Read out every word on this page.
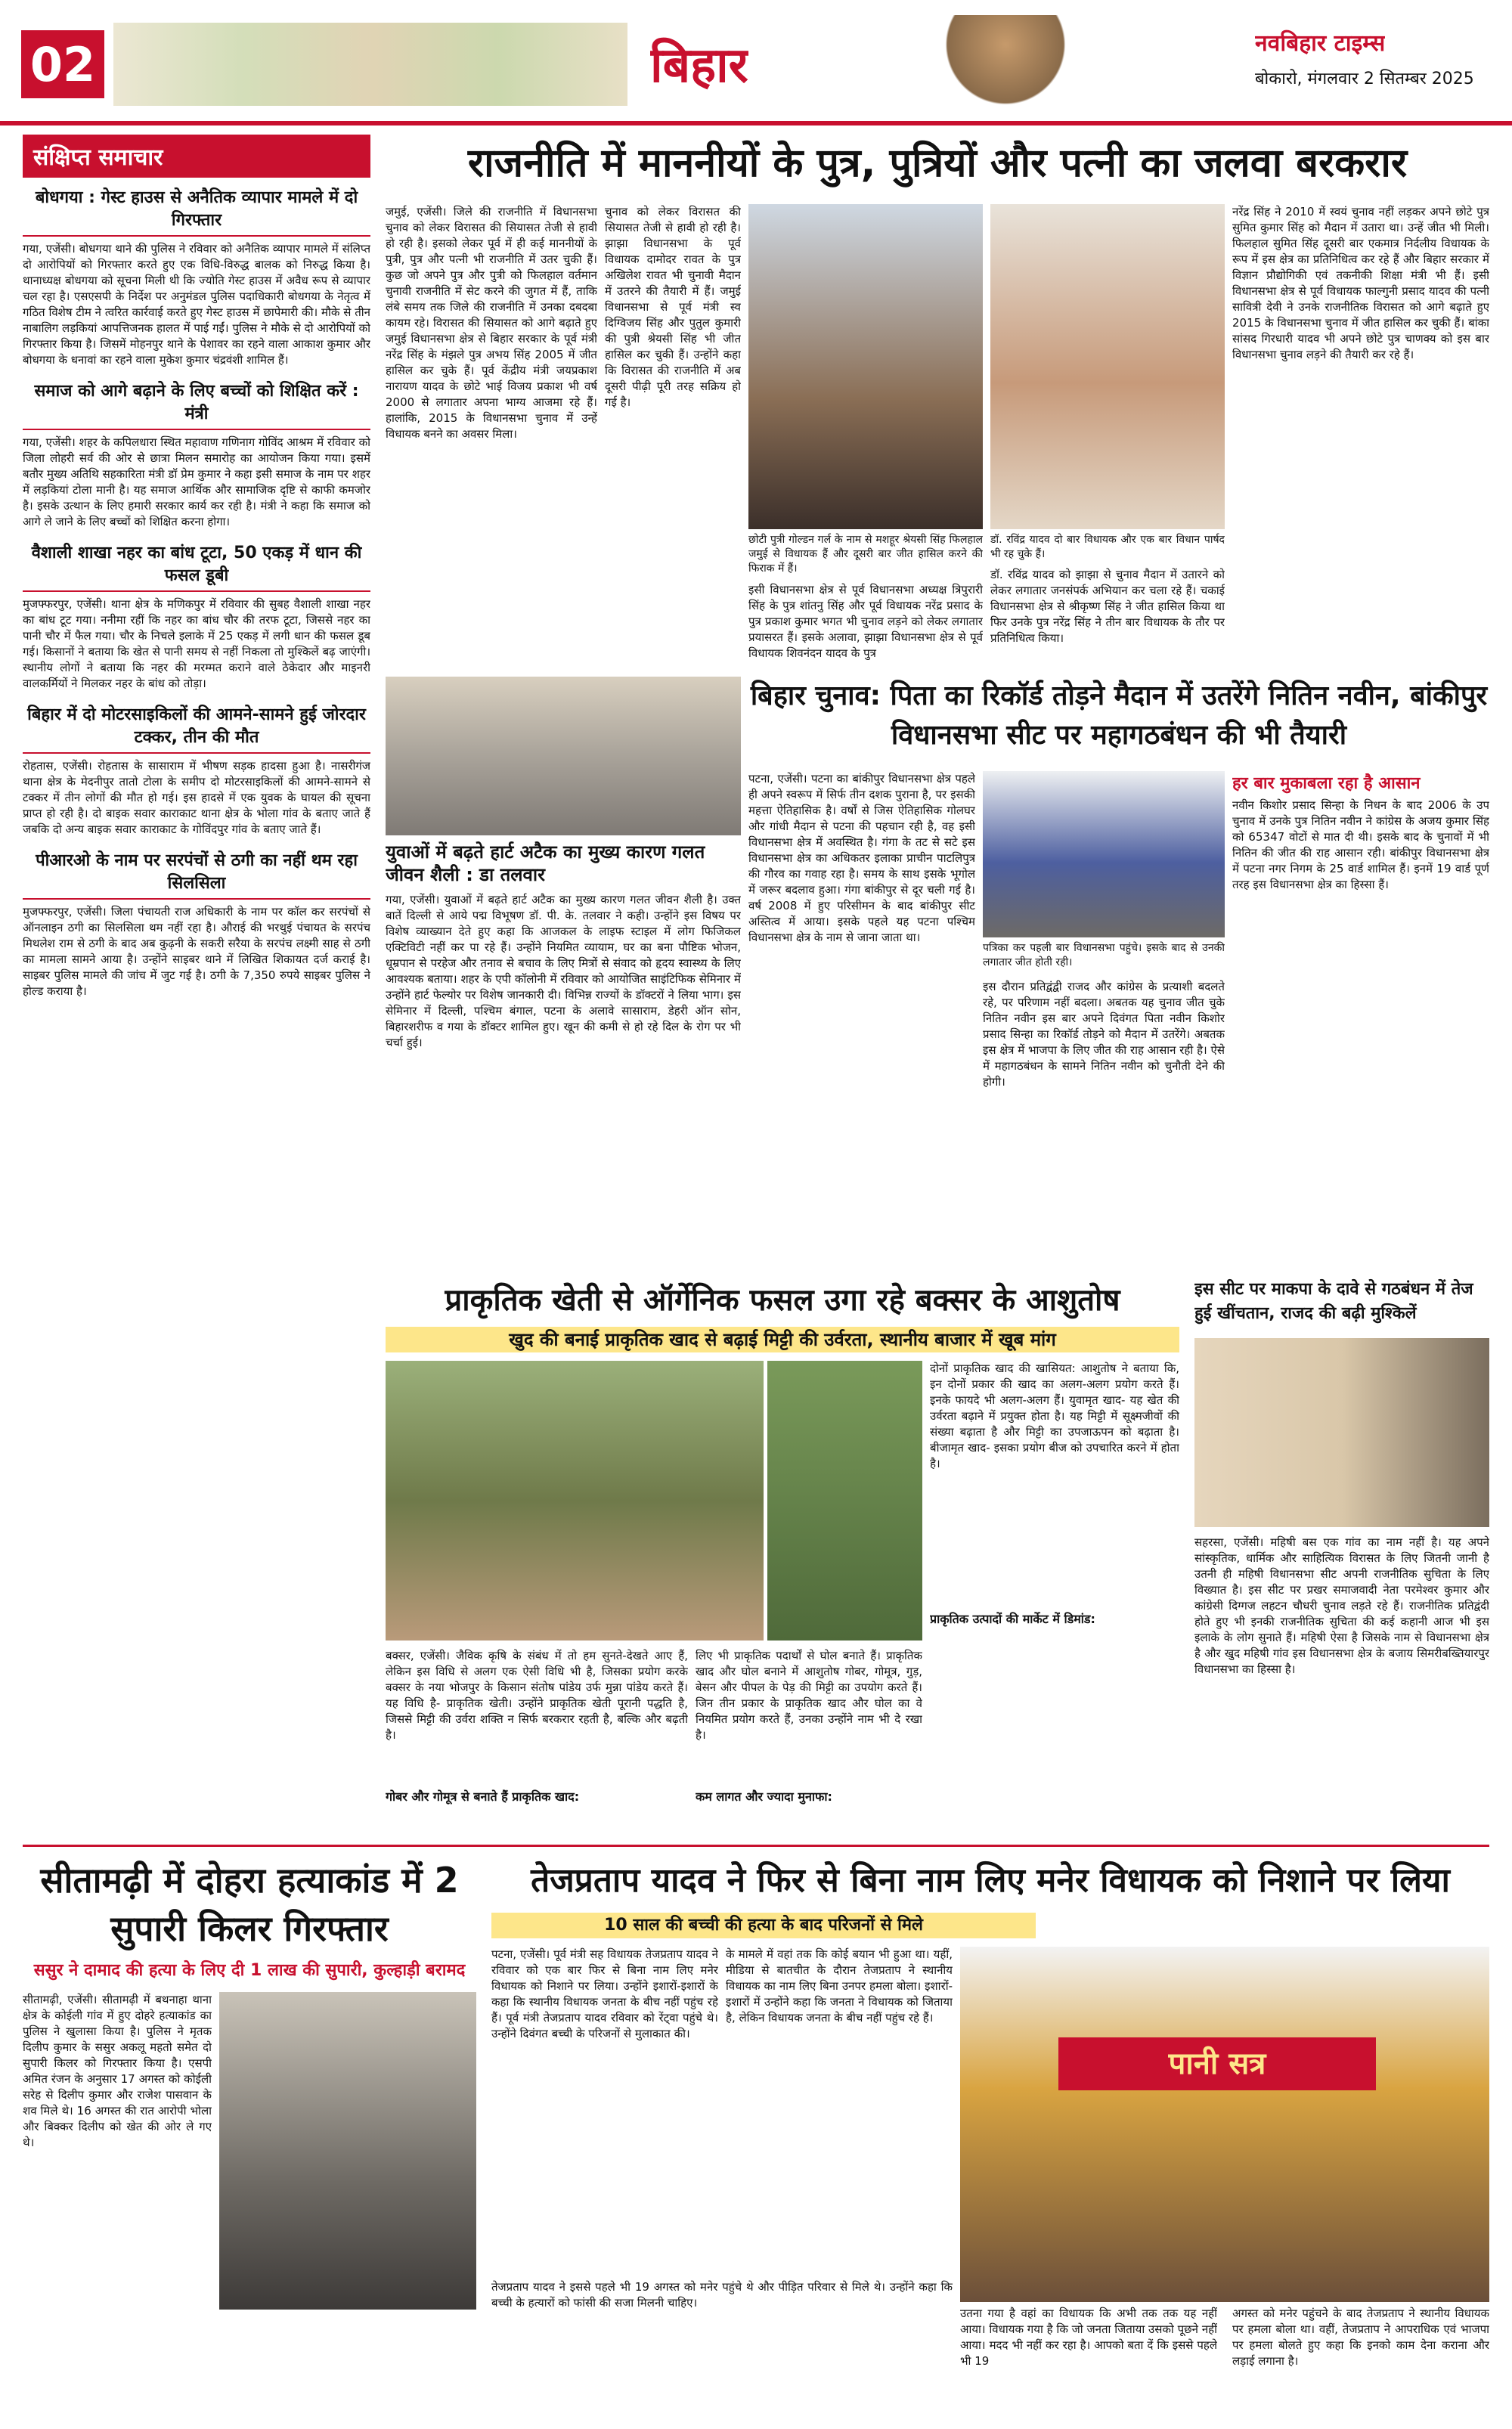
02	बिहार	नवबिहार टाइम्स
बोकारो, मंगलवार 2 सितम्बर 2025
संक्षिप्त समाचार
बोधगया : गेस्ट हाउस से अनैतिक व्यापार मामले में दो गिरफ्तार
गया, एजेंसी। बोधगया थाने की पुलिस ने रविवार को अनैतिक व्यापार मामले में संलिप्त दो आरोपियों को गिरफ्तार करते हुए एक विधि-विरुद्ध बालक को निरुद्ध किया है। थानाध्यक्ष बोधगया को सूचना मिली थी कि ज्योति गेस्ट हाउस में अवैध रूप से व्यापार चल रहा है। एसएसपी के निर्देश पर अनुमंडल पुलिस पदाधिकारी बोधगया के नेतृत्व में गठित विशेष टीम ने त्वरित कार्रवाई करते हुए गेस्ट हाउस में छापेमारी की। मौके से तीन नाबालिग लड़कियां आपत्तिजनक हालत में पाई गईं। पुलिस ने मौके से दो आरोपियों को गिरफ्तार किया है। जिसमें मोहनपुर थाने के पेशावर का रहने वाला आकाश कुमार और बोधगया के धनावां का रहने वाला मुकेश कुमार चंद्रवंशी शामिल हैं।
समाज को आगे बढ़ाने के लिए बच्चों को शिक्षित करें : मंत्री
गया, एजेंसी। शहर के कपिलधारा स्थित महावाण गणिनाग गोविंद आश्रम में रविवार को जिला लोहरी सर्व की ओर से छात्रा मिलन समारोह का आयोजन किया गया। इसमें बतौर मुख्य अतिथि सहकारिता मंत्री डॉ प्रेम कुमार ने कहा इसी समाज के नाम पर शहर में लड़कियां टोला मानी है। यह समाज आर्थिक और सामाजिक दृष्टि से काफी कमजोर है। इसके उत्थान के लिए हमारी सरकार कार्य कर रही है। मंत्री ने कहा कि समाज को आगे ले जाने के लिए बच्चों को शिक्षित करना होगा।
वैशाली शाखा नहर का बांध टूटा, 50 एकड़ में धान की फसल डूबी
मुजफ्फरपुर, एजेंसी। थाना क्षेत्र के मणिकपुर में रविवार की सुबह वैशाली शाखा नहर का बांध टूट गया। ननीमा रहीं कि नहर का बांध चौर की तरफ टूटा, जिससे नहर का पानी चौर में फैल गया। चौर के निचले इलाके में 25 एकड़ में लगी धान की फसल डूब गई। किसानों ने बताया कि खेत से पानी समय से नहीं निकला तो मुश्किलें बढ़ जाएंगी। स्थानीय लोगों ने बताया कि नहर की मरम्मत कराने वाले ठेकेदार और माइनरी वालकर्मियों ने मिलकर नहर के बांध को तोड़ा।
बिहार में दो मोटरसाइकिलों की आमने-सामने हुई जोरदार टक्कर, तीन की मौत
रोहतास, एजेंसी। रोहतास के सासाराम में भीषण सड़क हादसा हुआ है। नासरीगंज थाना क्षेत्र के मेदनीपुर तातो टोला के समीप दो मोटरसाइकिलों की आमने-सामने से टक्कर में तीन लोगों की मौत हो गई। इस हादसे में एक युवक के घायल की सूचना प्राप्त हो रही है। दो बाइक सवार काराकाट थाना क्षेत्र के भोला गांव के बताए जाते हैं जबकि दो अन्य बाइक सवार काराकाट के गोविंदपुर गांव के बताए जाते हैं।
पीआरओ के नाम पर सरपंचों से ठगी का नहीं थम रहा सिलसिला
मुजफ्फरपुर, एजेंसी। जिला पंचायती राज अधिकारी के नाम पर कॉल कर सरपंचों से ऑनलाइन ठगी का सिलसिला थम नहीं रहा है। औराई की भरथुई पंचायत के सरपंच मिथलेश राम से ठगी के बाद अब कुढ़नी के सकरी सरैया के सरपंच लक्ष्मी साह से ठगी का मामला सामने आया है। उन्होंने साइबर थाने में लिखित शिकायत दर्ज कराई है। साइबर पुलिस मामले की जांच में जुट गई है। ठगी के 7,350 रुपये साइबर पुलिस ने होल्ड कराया है।
राजनीति में माननीयों के पुत्र, पुत्रियों और पत्नी का जलवा बरकरार
जमुई, एजेंसी। जिले की राजनीति में विधानसभा चुनाव को लेकर विरासत की सियासत तेजी से हावी हो रही है। इसको लेकर पूर्व में ही कई माननीयों के पुत्री, पुत्र और पत्नी भी राजनीति में उतर चुकी हैं। कुछ जो अपने पुत्र और पुत्री को फिलहाल वर्तमान चुनावी राजनीति में सेट करने की जुगत में हैं, ताकि लंबे समय तक जिले की राजनीति में उनका दबदबा कायम रहे। विरासत की सियासत को आगे बढ़ाते हुए जमुई विधानसभा क्षेत्र से बिहार सरकार के पूर्व मंत्री नरेंद्र सिंह के मंझले पुत्र अभय सिंह 2005 में जीत हासिल कर चुके हैं। पूर्व केंद्रीय मंत्री जयप्रकाश नारायण यादव के छोटे भाई विजय प्रकाश भी वर्ष 2000 से लगातार अपना भाग्य आजमा रहे हैं। हालांकि, 2015 के विधानसभा चुनाव में उन्हें विधायक बनने का अवसर मिला।
चुनाव को लेकर विरासत की सियासत तेजी से हावी हो रही है। झाझा विधानसभा के पूर्व विधायक दामोदर रावत के पुत्र अखिलेश रावत भी चुनावी मैदान में उतरने की तैयारी में हैं। जमुई विधानसभा से पूर्व मंत्री स्व दिग्विजय सिंह और पुतुल कुमारी की पुत्री श्रेयसी सिंह भी जीत हासिल कर चुकी हैं। उन्होंने कहा कि विरासत की राजनीति में अब दूसरी पीढ़ी पूरी तरह सक्रिय हो गई है।
छोटी पुत्री गोल्डन गर्ल के नाम से मशहूर श्रेयसी सिंह फिलहाल जमुई से विधायक हैं और दूसरी बार जीत हासिल करने की फिराक में हैं।
डॉ. रविंद्र यादव दो बार विधायक और एक बार विधान पार्षद भी रह चुके हैं।
इसी विधानसभा क्षेत्र से पूर्व विधानसभा अध्यक्ष त्रिपुरारी सिंह के पुत्र शांतनु सिंह और पूर्व विधायक नरेंद्र प्रसाद के पुत्र प्रकाश कुमार भगत भी चुनाव लड़ने को लेकर लगातार प्रयासरत हैं। इसके अलावा, झाझा विधानसभा क्षेत्र से पूर्व विधायक शिवनंदन यादव के पुत्र
डॉ. रविंद्र यादव को झाझा से चुनाव मैदान में उतारने को लेकर लगातार जनसंपर्क अभियान कर चला रहे हैं। चकाई विधानसभा क्षेत्र से श्रीकृष्ण सिंह ने जीत हासिल किया था फिर उनके पुत्र नरेंद्र सिंह ने तीन बार विधायक के तौर पर प्रतिनिधित्व किया।
नरेंद्र सिंह ने 2010 में स्वयं चुनाव नहीं लड़कर अपने छोटे पुत्र सुमित कुमार सिंह को मैदान में उतारा था। उन्हें जीत भी मिली। फिलहाल सुमित सिंह दूसरी बार एकमात्र निर्दलीय विधायक के रूप में इस क्षेत्र का प्रतिनिधित्व कर रहे हैं और बिहार सरकार में विज्ञान प्रौद्योगिकी एवं तकनीकी शिक्षा मंत्री भी हैं। इसी विधानसभा क्षेत्र से पूर्व विधायक फाल्गुनी प्रसाद यादव की पत्नी सावित्री देवी ने उनके राजनीतिक विरासत को आगे बढ़ाते हुए 2015 के विधानसभा चुनाव में जीत हासिल कर चुकी हैं। बांका सांसद गिरधारी यादव भी अपने छोटे पुत्र चाणक्य को इस बार विधानसभा चुनाव लड़ने की तैयारी कर रहे हैं।
युवाओं में बढ़ते हार्ट अटैक का मुख्य कारण गलत जीवन शैली : डा तलवार
गया, एजेंसी। युवाओं में बढ़ते हार्ट अटैक का मुख्य कारण गलत जीवन शैली है। उक्त बातें दिल्ली से आये पद्म विभूषण डॉ. पी. के. तलवार ने कही। उन्होंने इस विषय पर विशेष व्याख्यान देते हुए कहा कि आजकल के लाइफ स्टाइल में लोग फिजिकल एक्टिविटी नहीं कर पा रहे हैं। उन्होंने नियमित व्यायाम, घर का बना पौष्टिक भोजन, धूम्रपान से परहेज और तनाव से बचाव के लिए मित्रों से संवाद को हृदय स्वास्थ्य के लिए आवश्यक बताया। शहर के एपी कॉलोनी में रविवार को आयोजित साइंटिफिक सेमिनार में उन्होंने हार्ट फेल्योर पर विशेष जानकारी दी। विभिन्न राज्यों के डॉक्टरों ने लिया भाग। इस सेमिनार में दिल्ली, पश्चिम बंगाल, पटना के अलावे सासाराम, डेहरी ऑन सोन, बिहारशरीफ व गया के डॉक्टर शामिल हुए। खून की कमी से हो रहे दिल के रोग पर भी चर्चा हुई।
बिहार चुनाव: पिता का रिकॉर्ड तोड़ने मैदान में उतरेंगे नितिन नवीन, बांकीपुर विधानसभा सीट पर महागठबंधन की भी तैयारी
पटना, एजेंसी। पटना का बांकीपुर विधानसभा क्षेत्र पहले ही अपने स्वरूप में सिर्फ तीन दशक पुराना है, पर इसकी महत्ता ऐतिहासिक है। वर्षों से जिस ऐतिहासिक गोलघर और गांधी मैदान से पटना की पहचान रही है, वह इसी विधानसभा क्षेत्र में अवस्थित है। गंगा के तट से सटे इस विधानसभा क्षेत्र का अधिकतर इलाका प्राचीन पाटलिपुत्र की गौरव का गवाह रहा है। समय के साथ इसके भूगोल में जरूर बदलाव हुआ। गंगा बांकीपुर से दूर चली गई है। वर्ष 2008 में हुए परिसीमन के बाद बांकीपुर सीट अस्तित्व में आया। इसके पहले यह पटना पश्चिम विधानसभा क्षेत्र के नाम से जाना जाता था।
पत्रिका कर पहली बार विधानसभा पहुंचे। इसके बाद से उनकी लगातार जीत होती रही।
इस दौरान प्रतिद्वंद्वी राजद और कांग्रेस के प्रत्याशी बदलते रहे, पर परिणाम नहीं बदला। अबतक यह चुनाव जीत चुके नितिन नवीन इस बार अपने दिवंगत पिता नवीन किशोर प्रसाद सिन्हा का रिकॉर्ड तोड़ने को मैदान में उतरेंगे। अबतक इस क्षेत्र में भाजपा के लिए जीत की राह आसान रही है। ऐसे में महागठबंधन के सामने नितिन नवीन को चुनौती देने की होगी।
हर बार मुकाबला रहा है आसान
नवीन किशोर प्रसाद सिन्हा के निधन के बाद 2006 के उप चुनाव में उनके पुत्र नितिन नवीन ने कांग्रेस के अजय कुमार सिंह को 65347 वोटों से मात दी थी। इसके बाद के चुनावों में भी नितिन की जीत की राह आसान रही। बांकीपुर विधानसभा क्षेत्र में पटना नगर निगम के 25 वार्ड शामिल हैं। इनमें 19 वार्ड पूर्ण तरह इस विधानसभा क्षेत्र का हिस्सा हैं।
प्राकृतिक खेती से ऑर्गेनिक फसल उगा रहे बक्सर के आशुतोष
खुद की बनाई प्राकृतिक खाद से बढ़ाई मिट्टी की उर्वरता, स्थानीय बाजार में खूब मांग
दोनों प्राकृतिक खाद की खासियत: आशुतोष ने बताया कि, इन दोनों प्रकार की खाद का अलग-अलग प्रयोग करते हैं। इनके फायदे भी अलग-अलग हैं। युवामृत खाद- यह खेत की उर्वरता बढ़ाने में प्रयुक्त होता है। यह मिट्टी में सूक्ष्मजीवों की संख्या बढ़ाता है और मिट्टी का उपजाऊपन को बढ़ाता है। बीजामृत खाद- इसका प्रयोग बीज को उपचारित करने में होता है।
बक्सर, एजेंसी। जैविक कृषि के संबंध में तो हम सुनते-देखते आए हैं, लेकिन इस विधि से अलग एक ऐसी विधि भी है, जिसका प्रयोग करके बक्सर के नया भोजपुर के किसान संतोष पांडेय उर्फ मुन्ना पांडेय करते हैं। यह विधि है- प्राकृतिक खेती। उन्होंने प्राकृतिक खेती पूरानी पद्धति है, जिससे मिट्टी की उर्वरा शक्ति न सिर्फ बरकरार रहती है, बल्कि और बढ़ती है।
गोबर और गोमूत्र से बनाते हैं प्राकृतिक खाद:
लिए भी प्राकृतिक पदार्थों से घोल बनाते हैं। प्राकृतिक खाद और घोल बनाने में आशुतोष गोबर, गोमूत्र, गुड़, बेसन और पीपल के पेड़ की मिट्टी का उपयोग करते हैं। जिन तीन प्रकार के प्राकृतिक खाद और घोल का वे नियमित प्रयोग करते हैं, उनका उन्होंने नाम भी दे रखा है।
कम लागत और ज्यादा मुनाफा:
प्राकृतिक उत्पादों की मार्केट में डिमांड:
इस सीट पर माकपा के दावे से गठबंधन में तेज हुई खींचतान, राजद की बढ़ी मुश्किलें
सहरसा, एजेंसी। महिषी बस एक गांव का नाम नहीं है। यह अपने सांस्कृतिक, धार्मिक और साहित्यिक विरासत के लिए जितनी जानी है उतनी ही महिषी विधानसभा सीट अपनी राजनीतिक सुचिता के लिए विख्यात है। इस सीट पर प्रखर समाजवादी नेता परमेश्वर कुमार और कांग्रेसी दिग्गज लहटन चौधरी चुनाव लड़ते रहे हैं। राजनीतिक प्रतिद्वंदी होते हुए भी इनकी राजनीतिक सुचिता की कई कहानी आज भी इस इलाके के लोग सुनाते हैं। महिषी ऐसा है जिसके नाम से विधानसभा क्षेत्र है और खुद महिषी गांव इस विधानसभा क्षेत्र के बजाय सिमरीबख्तियारपुर विधानसभा का हिस्सा है।
सीतामढ़ी में दोहरा हत्याकांड में 2 सुपारी किलर गिरफ्तार
ससुर ने दामाद की हत्या के लिए दी 1 लाख की सुपारी, कुल्हाड़ी बरामद
सीतामढ़ी, एजेंसी। सीतामढ़ी में बथनाहा थाना क्षेत्र के कोईली गांव में हुए दोहरे हत्याकांड का पुलिस ने खुलासा किया है। पुलिस ने मृतक दिलीप कुमार के ससुर अकलू महतो समेत दो सुपारी किलर को गिरफ्तार किया है। एसपी अमित रंजन के अनुसार 17 अगस्त को कोईली सरेह से दिलीप कुमार और राजेश पासवान के शव मिले थे। 16 अगस्त की रात आरोपी भोला और बिक्कर दिलीप को खेत की ओर ले गए थे।
तेजप्रताप यादव ने फिर से बिना नाम लिए मनेर विधायक को निशाने पर लिया
10 साल की बच्ची की हत्या के बाद परिजनों से मिले
पटना, एजेंसी। पूर्व मंत्री सह विधायक तेजप्रताप यादव ने रविवार को एक बार फिर से बिना नाम लिए मनेर विधायक को निशाने पर लिया। उन्होंने इशारों-इशारों के कहा कि स्थानीय विधायक जनता के बीच नहीं पहुंच रहे हैं। पूर्व मंत्री तेजप्रताप यादव रविवार को रेंट्वा पहुंचे थे। उन्होंने दिवंगत बच्ची के परिजनों से मुलाकात की।
के मामले में वहां तक कि कोई बयान भी हुआ था। यहीं, मीडिया से बातचीत के दौरान तेजप्रताप ने स्थानीय विधायक का नाम लिए बिना उनपर हमला बोला। इशारों-इशारों में उन्होंने कहा कि जनता ने विधायक को जिताया है, लेकिन विधायक जनता के बीच नहीं पहुंच रहे हैं।
पानी सत्र
उतना गया है वहां का विधायक कि अभी तक तक यह नहीं आया। विधायक गया है कि जो जनता जिताया उसको पूछने नहीं आया। मदद भी नहीं कर रहा है। आपको बता दें कि इससे पहले भी 19
अगस्त को मनेर पहुंचने के बाद तेजप्रताप ने स्थानीय विधायक पर हमला बोला था। वहीं, तेजप्रताप ने आपराधिक एवं भाजपा पर हमला बोलते हुए कहा कि इनको काम देना कराना और लड़ाई लगाना है।
तेजप्रताप यादव ने इससे पहले भी 19 अगस्त को मनेर पहुंचे थे और पीड़ित परिवार से मिले थे। उन्होंने कहा कि बच्ची के हत्यारों को फांसी की सजा मिलनी चाहिए।
